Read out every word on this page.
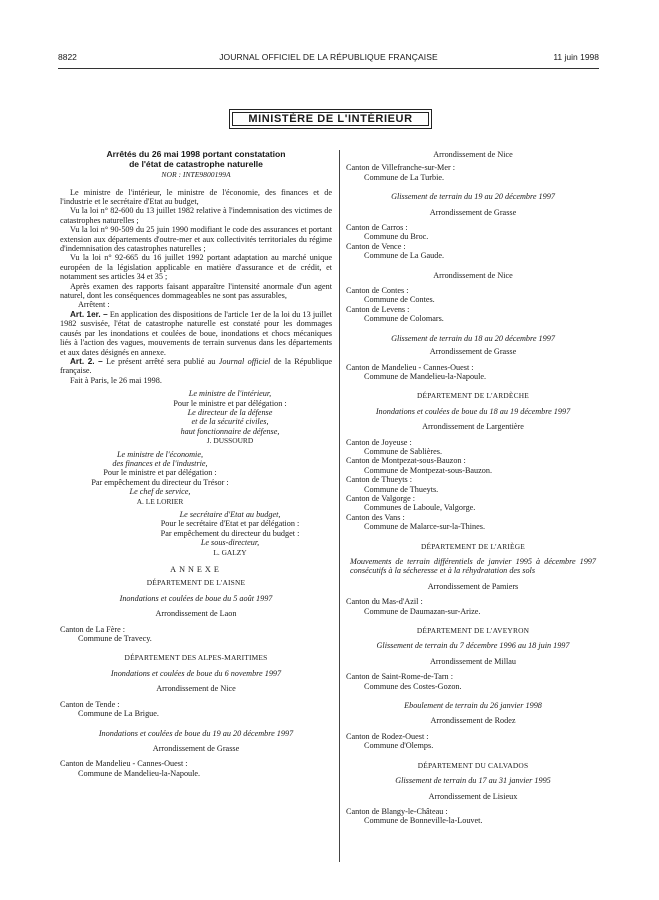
8822	JOURNAL OFFICIEL DE LA RÉPUBLIQUE FRANÇAISE	11 juin 1998
MINISTÈRE DE L'INTÉRIEUR
Arrêtés du 26 mai 1998 portant constatation
de l'état de catastrophe naturelle
NOR : INTE9800199A

Le ministre de l'intérieur, le ministre de l'économie, des finances et de l'industrie et le secrétaire d'Etat au budget,

Vu la loi n° 82-600 du 13 juillet 1982 relative à l'indemnisation des victimes de catastrophes naturelles ;

Vu la loi n° 90-509 du 25 juin 1990 modifiant le code des assurances et portant extension aux départements d'outre-mer et aux collectivités territoriales du régime d'indemnisation des catastrophes naturelles ;

Vu la loi n° 92-665 du 16 juillet 1992 portant adaptation au marché unique européen de la législation applicable en matière d'assurance et de crédit, et notamment ses articles 34 et 35 ;

Après examen des rapports faisant apparaître l'intensité anormale d'un agent naturel, dont les conséquences dommageables ne sont pas assurables,

Arrêtent :

Art. 1er. – En application des dispositions de l'article 1er de la loi du 13 juillet 1982 susvisée, l'état de catastrophe naturelle est constaté pour les dommages causés par les inondations et coulées de boue, inondations et chocs mécaniques liés à l'action des vagues, mouvements de terrain survenus dans les départements et aux dates désignés en annexe.

Art. 2. – Le présent arrêté sera publié au Journal officiel de la République française.

Fait à Paris, le 26 mai 1998.

Le ministre de l'intérieur,
Pour le ministre et par délégation :
Le directeur de la défense
et de la sécurité civiles,
haut fonctionnaire de défense,
J. DUSSOURD
Le ministre de l'économie,
des finances et de l'industrie,
Pour le ministre et par délégation :
Par empêchement du directeur du Trésor :
Le chef de service,
A. LE LORIER
Le secrétaire d'Etat au budget,
Pour le secrétaire d'Etat et par délégation :
Par empêchement du directeur du budget :
Le sous-directeur,
L. GALZY
ANNEXE
DÉPARTEMENT DE L'AISNE
Inondations et coulées de boue du 5 août 1997
Arrondissement de Laon
Canton de La Fère :
Commune de Travecy.
DÉPARTEMENT DES ALPES-MARITIMES
Inondations et coulées de boue du 6 novembre 1997
Arrondissement de Nice
Canton de Tende :
Commune de La Brigue.
Inondations et coulées de boue du 19 au 20 décembre 1997
Arrondissement de Grasse
Canton de Mandelieu - Cannes-Ouest :
Commune de Mandelieu-la-Napoule.
Arrondissement de Nice
Canton de Villefranche-sur-Mer :
Commune de La Turbie.
Glissement de terrain du 19 au 20 décembre 1997
Arrondissement de Grasse
Canton de Carros :
Commune du Broc.
Canton de Vence :
Commune de La Gaude.
Arrondissement de Nice
Canton de Contes :
Commune de Contes.
Canton de Levens :
Commune de Colomars.
Glissement de terrain du 18 au 20 décembre 1997
Arrondissement de Grasse
Canton de Mandelieu - Cannes-Ouest :
Commune de Mandelieu-la-Napoule.
DÉPARTEMENT DE L'ARDÈCHE
Inondations et coulées de boue du 18 au 19 décembre 1997
Arrondissement de Largentière
Canton de Joyeuse :
Commune de Sablières.
Canton de Montpezat-sous-Bauzon :
Commune de Montpezat-sous-Bauzon.
Canton de Thueyts :
Commune de Thueyts.
Canton de Valgorge :
Communes de Laboule, Valgorge.
Canton des Vans :
Commune de Malarce-sur-la-Thines.
DÉPARTEMENT DE L'ARIÈGE
Mouvements de terrain différentiels de janvier 1995 à décembre 1997 consécutifs à la sécheresse et à la réhydratation des sols
Arrondissement de Pamiers
Canton du Mas-d'Azil :
Commune de Daumazan-sur-Arize.
DÉPARTEMENT DE L'AVEYRON
Glissement de terrain du 7 décembre 1996 au 18 juin 1997
Arrondissement de Millau
Canton de Saint-Rome-de-Tarn :
Commune des Costes-Gozon.
Eboulement de terrain du 26 janvier 1998
Arrondissement de Rodez
Canton de Rodez-Ouest :
Commune d'Olemps.
DÉPARTEMENT DU CALVADOS
Glissement de terrain du 17 au 31 janvier 1995
Arrondissement de Lisieux
Canton de Blangy-le-Château :
Commune de Bonneville-la-Louvet.
